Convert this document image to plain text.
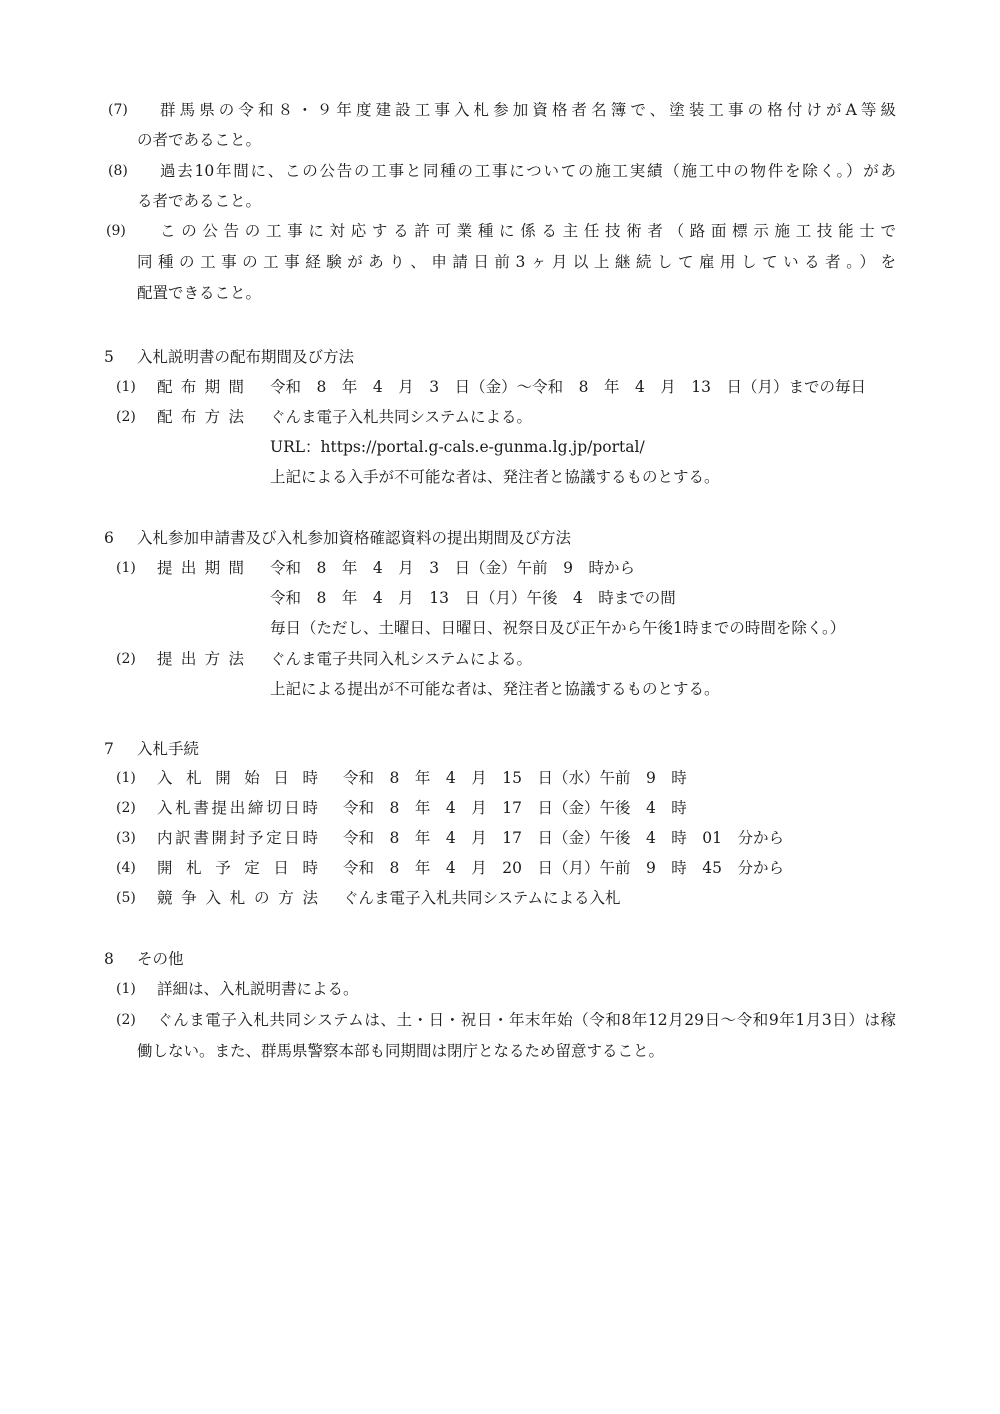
(7) 群馬県の令和８・９年度建設工事入札参加資格者名簿で、塗装工事の格付けがA等級
の者であること。
(8) 過去10年間に、この公告の工事と同種の工事についての施工実績（施工中の物件を除く。）があ
る者であること。
(9) この公告の工事に対応する許可業種に係る主任技術者（路面標示施工技能士で
同種の工事の工事経験があり、申請日前3ヶ月以上継続して雇用している者。）を
配置できること。
5 入札説明書の配布期間及び方法
(1) 配布期間 令和　8　年　4　月　3　日（金）～令和　8　年　4　月　13　日（月）までの毎日
(2) 配布方法 ぐんま電子入札共同システムによる。
URL：https://portal.g-cals.e-gunma.lg.jp/portal/
上記による入手が不可能な者は、発注者と協議するものとする。
6 入札参加申請書及び入札参加資格確認資料の提出期間及び方法
(1) 提出期間 令和　8　年　4　月　3　日（金）午前　9　時から
令和　8　年　4　月　13　日（月）午後　4　時までの間
毎日（ただし、土曜日、日曜日、祝祭日及び正午から午後1時までの時間を除く。）
(2) 提出方法 ぐんま電子共同入札システムによる。
上記による提出が不可能な者は、発注者と協議するものとする。
7 入札手続
(1) 入札開始日時 令和　8　年　4　月　15　日（水）午前　9　時
(2) 入札書提出締切日時 令和　8　年　4　月　17　日（金）午後　4　時
(3) 内訳書開封予定日時 令和　8　年　4　月　17　日（金）午後　4　時　01　分から
(4) 開札予定日時 令和　8　年　4　月　20　日（月）午前　9　時　45　分から
(5) 競争入札の方法 ぐんま電子入札共同システムによる入札
8 その他
(1) 詳細は、入札説明書による。
(2) ぐんま電子入札共同システムは、土・日・祝日・年末年始（令和8年12月29日～令和9年1月3日）は稼
働しない。また、群馬県警察本部も同期間は閉庁となるため留意すること。
